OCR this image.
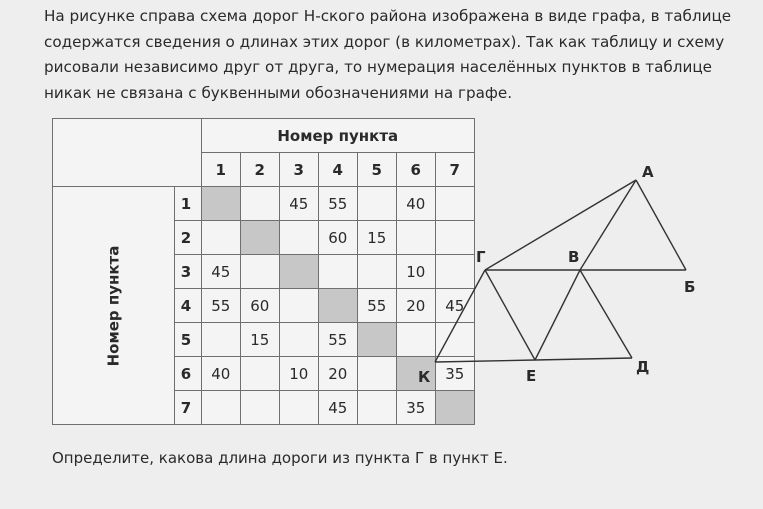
На рисунке справа схема дорог Н-ского района изображена в виде графа, в таблице содержатся сведения о длинах этих дорог (в километрах). Так как таблицу и схему рисовали независимо друг от друга, то нумерация населённых пунктов в таблице никак не связана с буквенными обозначениями на графе.

		Номер пункта						
		1	2	3	4	5	6	7
Номер пункта	1			45	55		40	
	2				60	15		
	3	45					10	
	4	55	60			55	20	45
	5		15		55			
	6	40		10	20			35
	7				45		35	
А
В
Г
Б
Д
Е
К

Определите, какова длина дороги из пункта Г в пункт Е.
